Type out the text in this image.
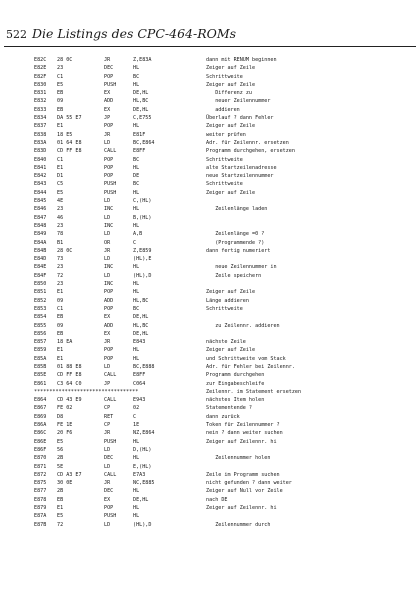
522 Die Listings des CPC-464-ROMs
E82C 28 0C	JR	Z,E83A	dann mit RENUM beginnen
E82E 23	DEC	HL	Zeiger auf Zeile
E82F C1	POP	BC	Schrittweite
E830 E5	PUSH	HL	Zeiger auf Zeile
E831 EB	EX	DE,HL	Differenz zu
E832 09	ADD	HL,BC	neuer Zeilennummer
E833 EB	EX	DE,HL	addieren
E834 DA 55 E7	JP	C,E755	Überlauf ? dann Fehler
E837 E1	POP	HL	Zeiger auf Zeile
E838 18 E5	JR	E81F	weiter prüfen
E83A 01 64 E8	LD	BC,E864	Adr. für Zeilennr. ersetzen
E83D CD FF E8	CALL	E8FF	Programm durchgehen, ersetzen
E840 C1	POP	BC	Schrittweite
E841 E1	POP	HL	alte Startzeilenadresse
E842 D1	POP	DE	neue Startzeilennummer
E843 C5	PUSH	BC	Schrittweite
E844 E5	PUSH	HL	Zeiger auf Zeile
E845 4E	LD	C,(HL)
E846 23	INC	HL	Zeilenlänge laden
E847 46	LD	B,(HL)
E848 23	INC	HL
E849 78	LD	A,B	Zeilenlänge =0 ?
E84A B1	OR	C	(Programmende ?)
E84B 28 0C	JR	Z,E859	dann fertig numeriert
E84D 73	LD	(HL),E
E84E 23	INC	HL	neue Zeilennummer in
E84F 72	LD	(HL),D	Zeile speichern
E850 23	INC	HL
E851 E1	POP	HL	Zeiger auf Zeile
E852 09	ADD	HL,BC	Länge addieren
E853 C1	POP	BC	Schrittweite
E854 EB	EX	DE,HL
E855 09	ADD	HL,BC	zu Zeilennr. addieren
E856 EB	EX	DE,HL
E857 18 EA	JR	E843	nächste Zeile
E859 E1	POP	HL	Zeiger auf Zeile
E85A E1	POP	HL	und Schrittweite vom Stack
E85B 01 88 E8	LD	BC,E888	Adr. für Fehler bei Zeilennr.
E85E CD FF E8	CALL	E8FF	Programm durchgehen
E861 C3 64 C0	JP	C064	zur Eingabeschleife
**********************************	Zeilennr. im Statement ersetzen
E864 CD 43 E9	CALL	E943	nächstes Item holen
E867 FE 02	CP	02	Statementende ?
E869 D8	RET	C	dann zurück
E86A FE 1E	CP	1E	Token für Zeilennummer ?
E86C 20 F6	JR	NZ,E864	nein ? dann weiter suchen
E86E E5	PUSH	HL	Zeiger auf Zeilennr. hi
E86F 56	LD	D,(HL)
E870 2B	DEC	HL	Zeilennummer holen
E871 5E	LD	E,(HL)
E872 CD A3 E7	CALL	E7A3	Zeile im Programm suchen
E875 30 0E	JR	NC,E885	nicht gefunden ? dann weiter
E877 2B	DEC	HL	Zeiger auf Null vor Zeile
E878 EB	EX	DE,HL	nach DE
E879 E1	POP	HL	Zeiger auf Zeilennr. hi
E87A E5	PUSH	HL
E87B 72	LD	(HL),D	Zeilennummer durch
